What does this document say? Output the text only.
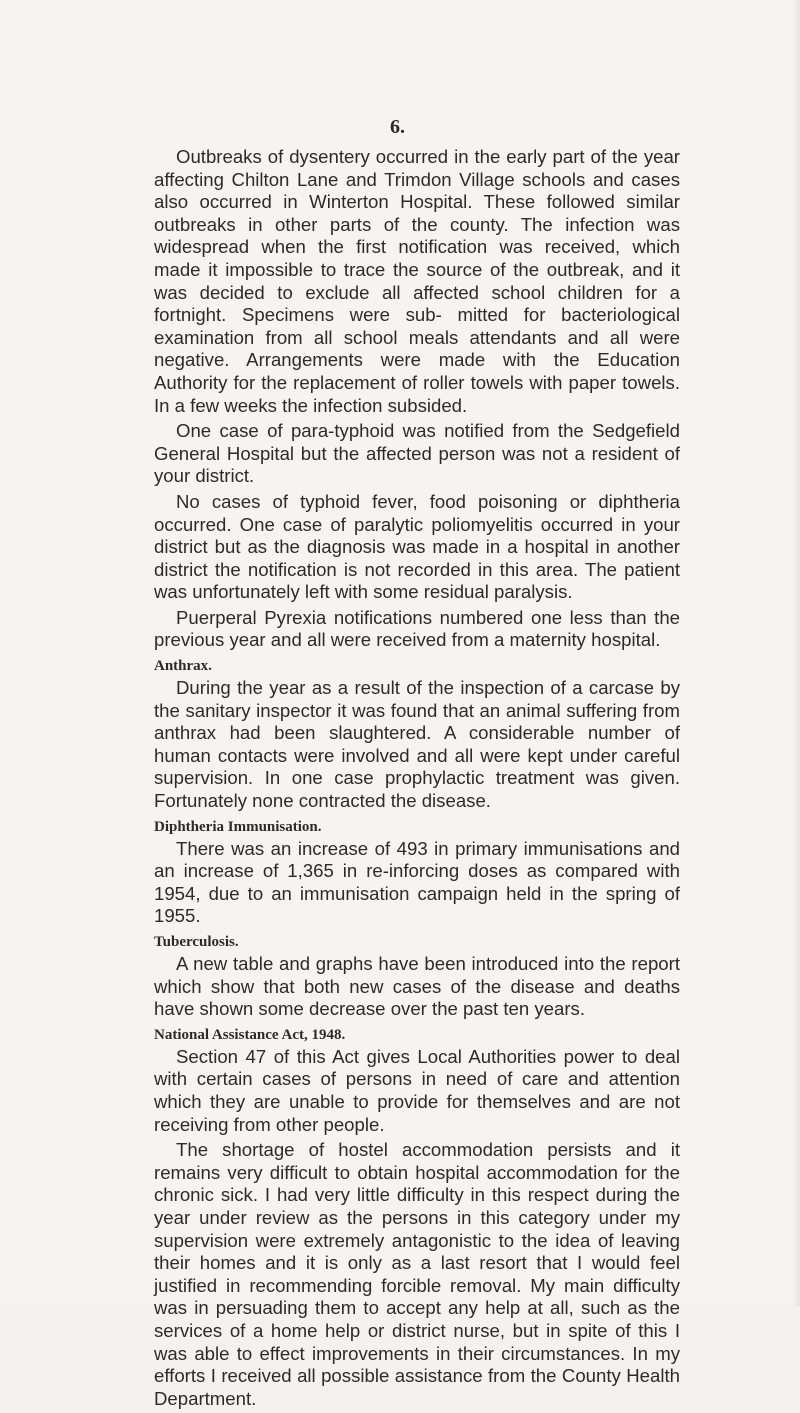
6.

Outbreaks of dysentery occurred in the early part of the year affecting Chilton Lane and Trimdon Village schools and cases also occurred in Winterton Hospital. These followed similar outbreaks in other parts of the county. The infection was widespread when the first notification was received, which made it impossible to trace the source of the outbreak, and it was decided to exclude all affected school children for a fortnight. Specimens were sub- mitted for bacteriological examination from all school meals attendants and all were negative. Arrangements were made with the Education Authority for the replacement of roller towels with paper towels. In a few weeks the infection subsided.

One case of para-typhoid was notified from the Sedgefield General Hospital but the affected person was not a resident of your district.

No cases of typhoid fever, food poisoning or diphtheria occurred. One case of paralytic poliomyelitis occurred in your district but as the diagnosis was made in a hospital in another district the notification is not recorded in this area. The patient was unfortunately left with some residual paralysis.

Puerperal Pyrexia notifications numbered one less than the previous year and all were received from a maternity hospital.

Anthrax.

During the year as a result of the inspection of a carcase by the sanitary inspector it was found that an animal suffering from anthrax had been slaughtered. A considerable number of human contacts were involved and all were kept under careful supervision. In one case prophylactic treatment was given. Fortunately none contracted the disease.

Diphtheria Immunisation.

There was an increase of 493 in primary immunisations and an increase of 1,365 in re-inforcing doses as compared with 1954, due to an immunisation campaign held in the spring of 1955.

Tuberculosis.

A new table and graphs have been introduced into the report which show that both new cases of the disease and deaths have shown some decrease over the past ten years.

National Assistance Act, 1948.

Section 47 of this Act gives Local Authorities power to deal with certain cases of persons in need of care and attention which they are unable to provide for themselves and are not receiving from other people.

The shortage of hostel accommodation persists and it remains very difficult to obtain hospital accommodation for the chronic sick. I had very little difficulty in this respect during the year under review as the persons in this category under my supervision were extremely antagonistic to the idea of leaving their homes and it is only as a last resort that I would feel justified in recommending forcible removal. My main difficulty was in persuading them to accept any help at all, such as the services of a home help or district nurse, but in spite of this I was able to effect improvements in their circumstances. In my efforts I received all possible assistance from the County Health Department.
